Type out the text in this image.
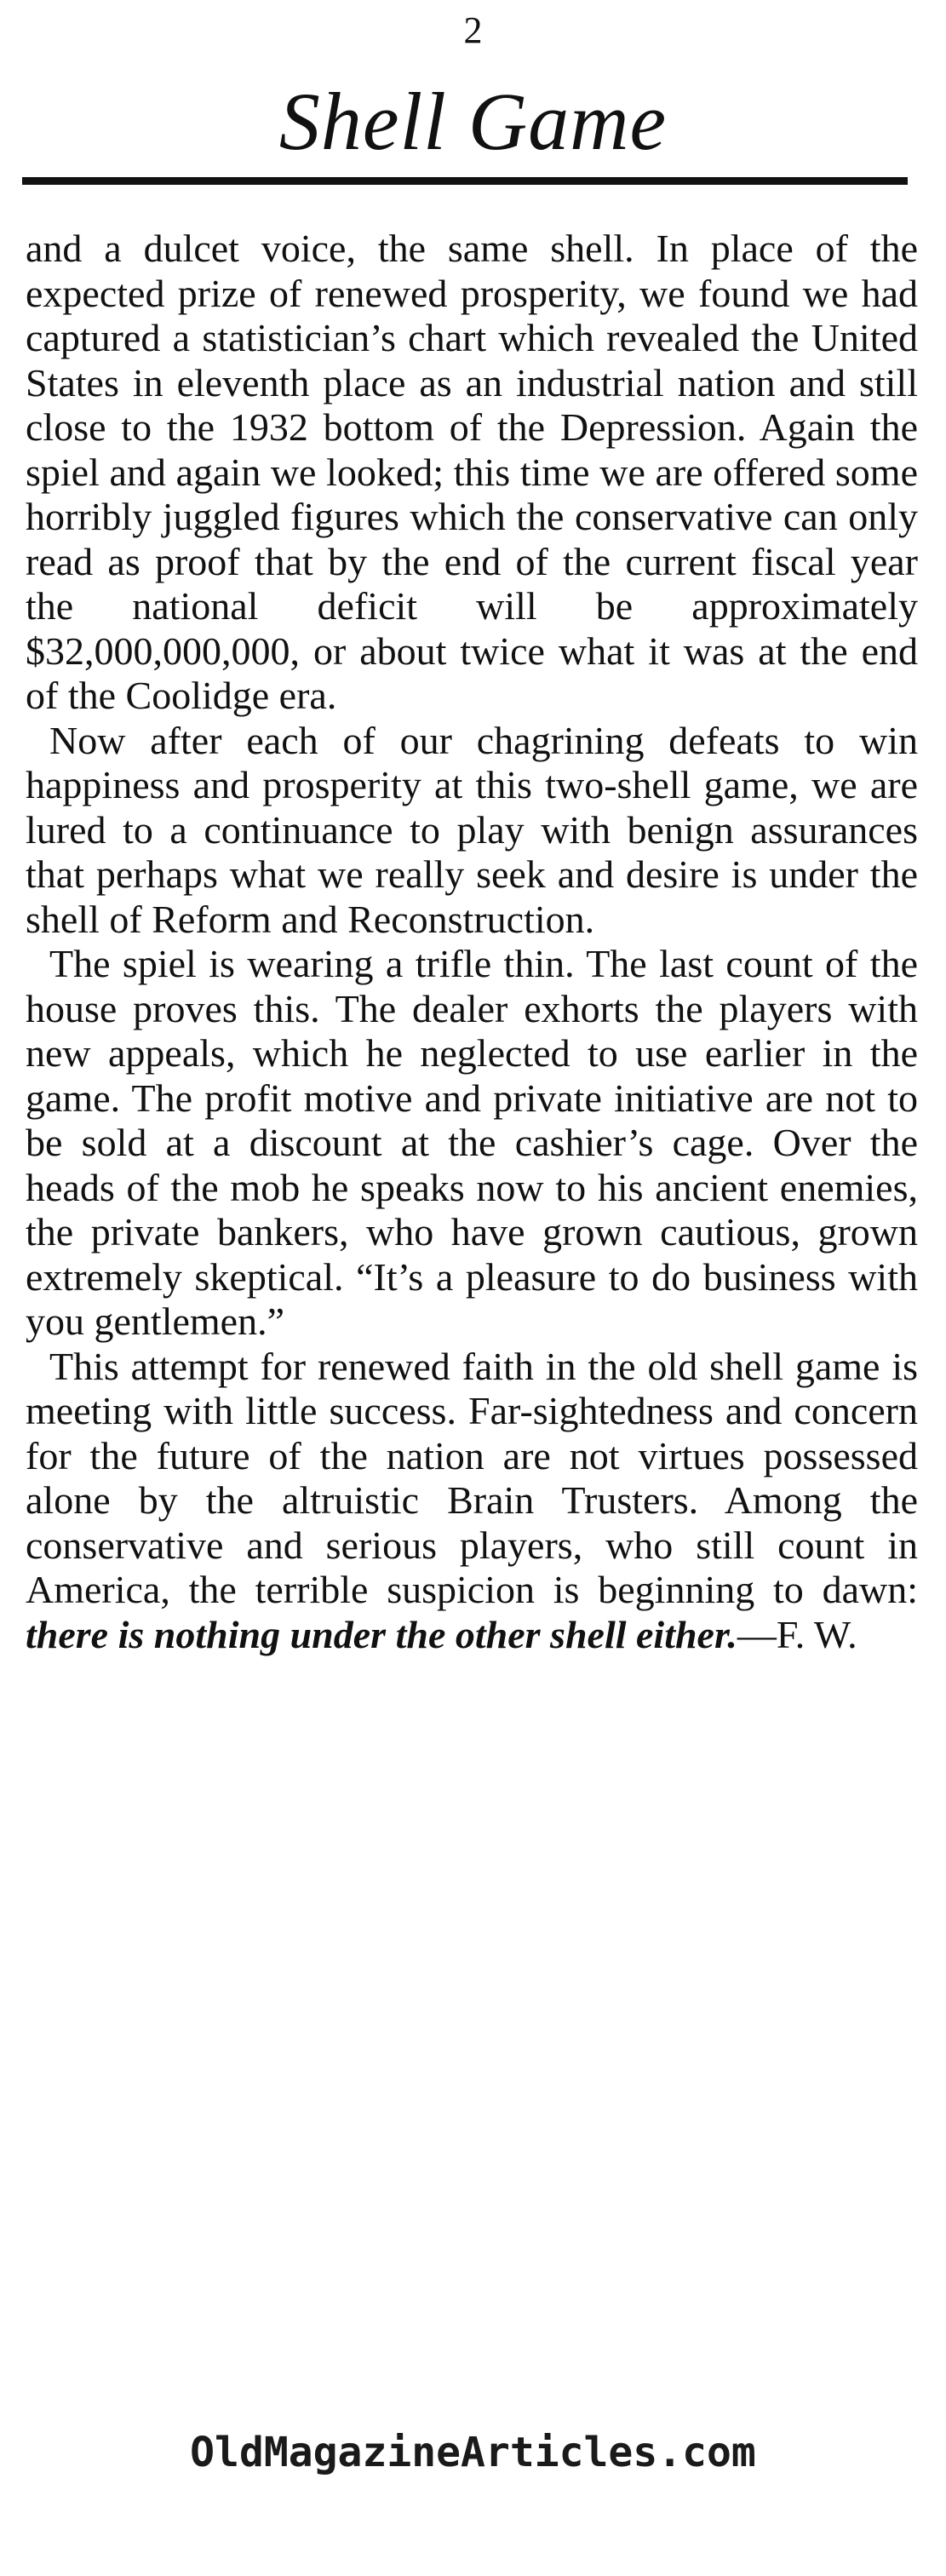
2
Shell Game

and a dulcet voice, the same shell. In place of the expected prize of renewed prosperity, we found we had captured a statistician’s chart which revealed the United States in eleventh place as an industrial nation and still close to the 1932 bottom of the Depression. Again the spiel and again we looked; this time we are offered some horribly juggled figures which the conservative can only read as proof that by the end of the current fiscal year the national deficit will be approximately $32,000,000,000, or about twice what it was at the end of the Coolidge era.

Now after each of our chagrining defeats to win happiness and prosperity at this two-shell game, we are lured to a continuance to play with benign assurances that perhaps what we really seek and desire is under the shell of Reform and Reconstruction.

The spiel is wearing a trifle thin. The last count of the house proves this. The dealer exhorts the players with new appeals, which he neglected to use earlier in the game. The profit motive and private initiative are not to be sold at a discount at the cashier’s cage. Over the heads of the mob he speaks now to his ancient enemies, the private bankers, who have grown cautious, grown extremely skeptical. “It’s a pleasure to do business with you gentlemen.”

This attempt for renewed faith in the old shell game is meeting with little success. Far-sightedness and concern for the future of the nation are not virtues possessed alone by the altruistic Brain Trusters. Among the conservative and serious players, who still count in America, the terrible suspicion is beginning to dawn: there is nothing under the other shell either.—F. W.

OldMagazineArticles.com
